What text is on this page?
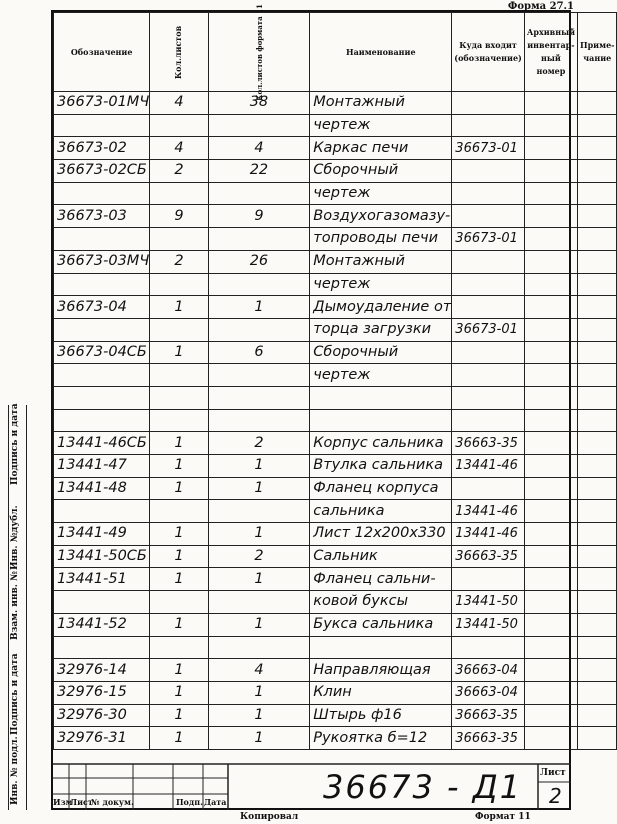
Форма 27.1
Обозначение	Кол.листов	Кол.листов формата 11	Наименование	Куда входит (обозначение)	Архивный инвентар-ный номер	Приме-чание
36673-01МЧ	4	38	Монтажный			
			чертеж			
36673-02	4	4	Каркас печи	36673-01		
36673-02СБ	2	22	Сборочный			
			чертеж			
36673-03	9	9	Воздухогазомазу-			
			топроводы печи	36673-01		
36673-03МЧ	2	26	Монтажный			
			чертеж			
36673-04	1	1	Дымоудаление от			
			торца загрузки	36673-01		
36673-04СБ	1	6	Сборочный			
			чертеж			

13441-46СБ	1	2	Корпус сальника	36663-35		
13441-47	1	1	Втулка сальника	13441-46		
13441-48	1	1	Фланец корпуса			
			сальника	13441-46		
13441-49	1	1	Лист 12х200х330	13441-46		
13441-50СБ	1	2	Сальник	36663-35		
13441-51	1	1	Фланец сальни-			
			ковой буксы	13441-50		
13441-52	1	1	Букса сальника	13441-50		

32976-14	1	4	Направляющая	36663-04		
32976-15	1	1	Клин	36663-04		
32976-30	1	1	Штырь ф16	36663-35		
32976-31	1	1	Рукоятка б=12	36663-35		
Инв. № подл.
Подпись и дата
Взам. инв. №
Инв. №дубл.
Подпись и дата
Изм
Лист
№ докум.	Подп. Дата	36673 - Д1 Лист
2
Копировал	Формат 11
